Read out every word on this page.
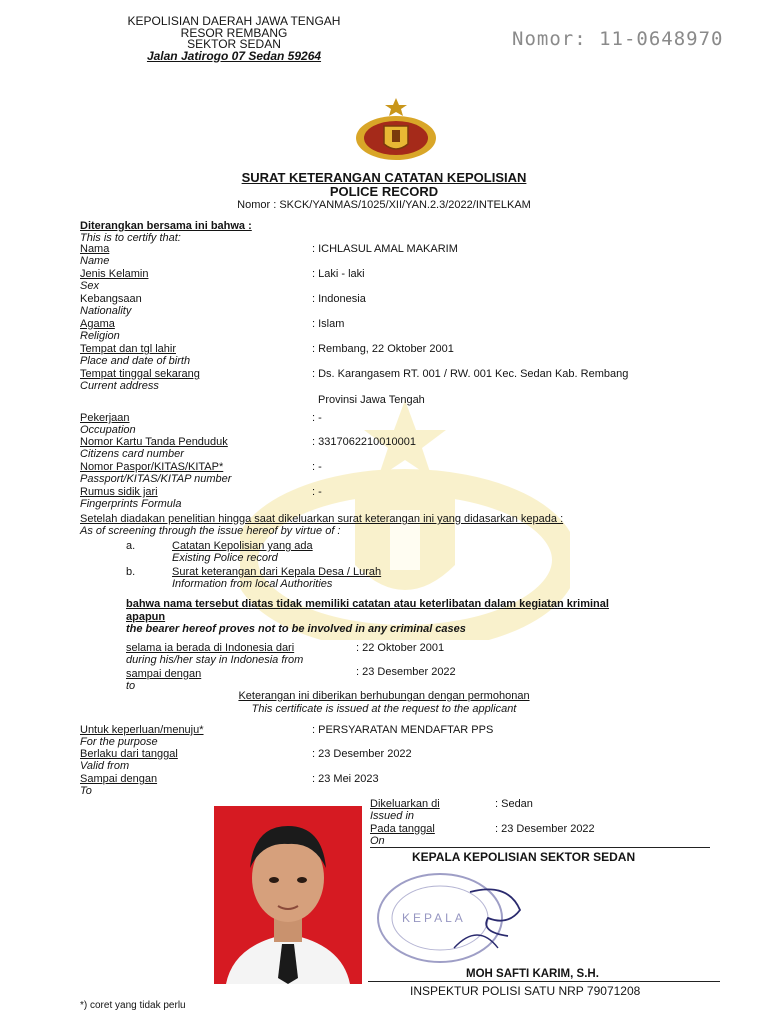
KEPOLISIAN DAERAH JAWA TENGAH
RESOR REMBANG
SEKTOR SEDAN
Jalan Jatirogo 07 Sedan 59264
Nomor: 11-0648970
SURAT KETERANGAN CATATAN KEPOLISIAN
POLICE RECORD
Nomor : SKCK/YANMAS/1025/XII/YAN.2.3/2022/INTELKAM
Diterangkan bersama ini bahwa :
This is to certify that:
Nama
Name
: ICHLASUL AMAL MAKARIM
Jenis Kelamin
Sex
: Laki - laki
Kebangsaan
Nationality
: Indonesia
Agama
Religion
: Islam
Tempat dan tgl lahir
Place and date of birth
: Rembang, 22 Oktober 2001
Tempat tinggal sekarang
Current address
: Ds. Karangasem RT. 001 / RW. 001 Kec. Sedan Kab. Rembang
Provinsi Jawa Tengah
Pekerjaan
Occupation
: -
Nomor Kartu Tanda Penduduk
Citizens card number
: 3317062210010001
Nomor Paspor/KITAS/KITAP*
Passport/KITAS/KITAP number
: -
Rumus sidik jari
Fingerprints Formula
: -
Setelah diadakan penelitian hingga saat dikeluarkan surat keterangan ini yang didasarkan kepada :
As of screening through the issue hereof by virtue of :
a.	Catatan Kepolisian yang ada
Existing Police record
b.	Surat keterangan dari Kepala Desa / Lurah
Information from local Authorities
bahwa nama tersebut diatas tidak memiliki catatan atau keterlibatan dalam kegiatan kriminal
apapun
the bearer hereof proves not to be involved in any criminal cases
selama ia berada di Indonesia dari
during his/her stay in Indonesia from
: 22 Oktober 2001
sampai dengan
to
: 23 Desember 2022
Keterangan ini diberikan berhubungan dengan permohonan
This certificate is issued at the request to the applicant
Untuk keperluan/menuju*
For the purpose
: PERSYARATAN MENDAFTAR PPS
Berlaku dari tanggal
Valid from
: 23 Desember 2022
Sampai dengan
To
: 23 Mei 2023
Dikeluarkan di
Issued in
: Sedan
Pada tanggal
On
: 23 Desember 2022
KEPALA KEPOLISIAN SEKTOR SEDAN
KEPALA
MOH SAFTI KARIM, S.H.
INSPEKTUR POLISI SATU NRP 79071208
*) coret yang tidak perlu
